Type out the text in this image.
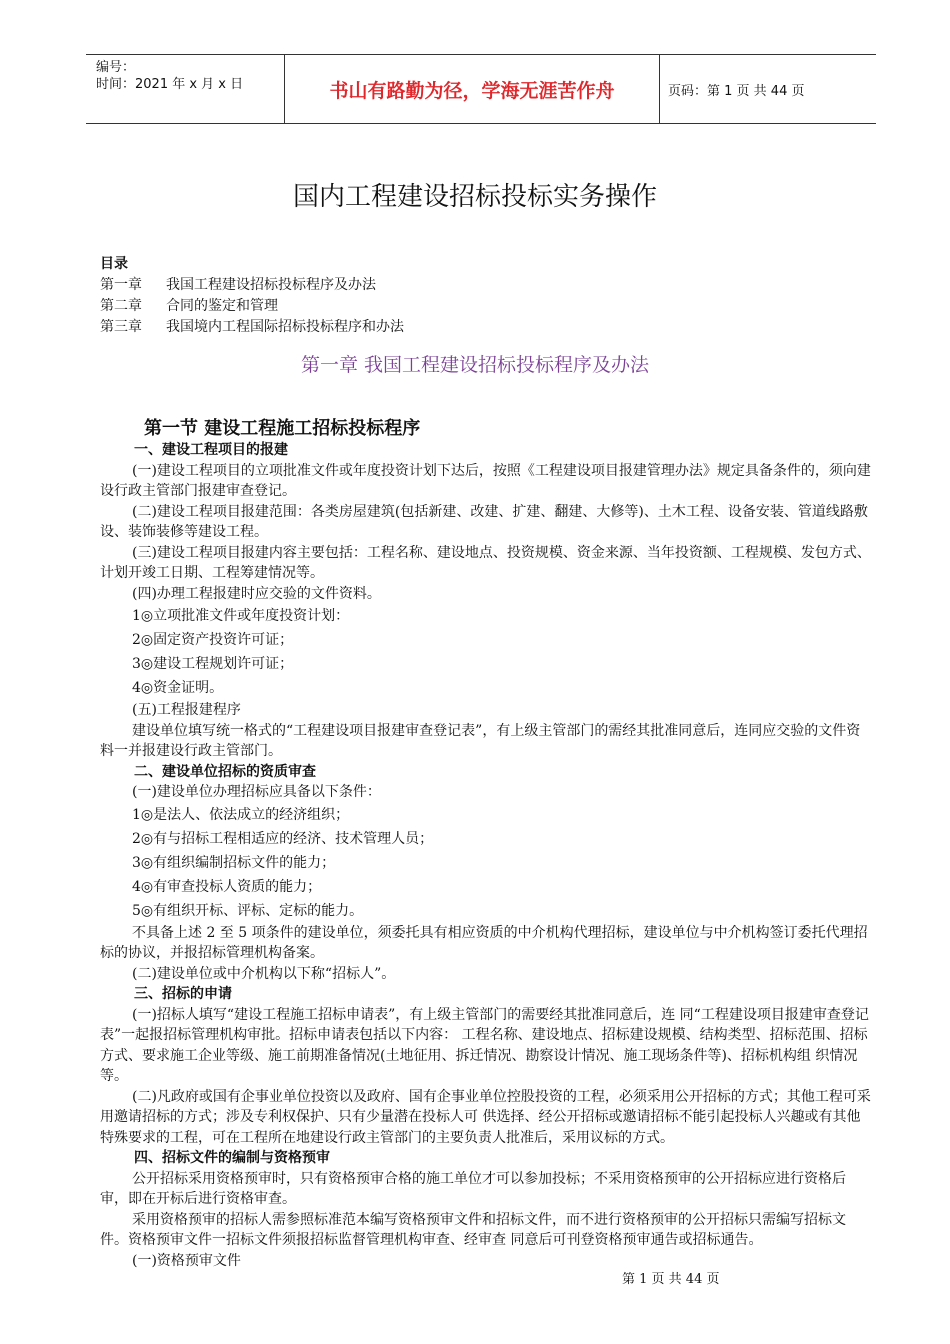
编号：
时间：2021 年 x 月 x 日	书山有路勤为径，学海无涯苦作舟	页码：第 1 页 共 44 页
国内工程建设招标投标实务操作
目录
第一章 我国工程建设招标投标程序及办法
第二章 合同的鉴定和管理
第三章 我国境内工程国际招标投标程序和办法
第一章 我国工程建设招标投标程序及办法
第一节 建设工程施工招标投标程序

一、建设工程项目的报建

(一)建设工程项目的立项批准文件或年度投资计划下达后，按照《工程建设项目报建管理办法》规定具备条件的，须向建设行政主管部门报建审查登记。

(二)建设工程项目报建范围：各类房屋建筑(包括新建、改建、扩建、翻建、大修等)、土木工程、设备安装、管道线路敷设、装饰装修等建设工程。

(三)建设工程项目报建内容主要包括：工程名称、建设地点、投资规模、资金来源、当年投资额、工程规模、发包方式、计划开竣工日期、工程筹建情况等。

(四)办理工程报建时应交验的文件资料。

1◎立项批准文件或年度投资计划：

2◎固定资产投资许可证；

3◎建设工程规划许可证；

4◎资金证明。

(五)工程报建程序

建设单位填写统一格式的“工程建设项目报建审查登记表”，有上级主管部门的需经其批准同意后，连同应交验的文件资料一并报建设行政主管部门。

二、建设单位招标的资质审查

(一)建设单位办理招标应具备以下条件：

1◎是法人、依法成立的经济组织；

2◎有与招标工程相适应的经济、技术管理人员；

3◎有组织编制招标文件的能力；

4◎有审查投标人资质的能力；

5◎有组织开标、评标、定标的能力。

不具备上述 2 至 5 项条件的建设单位，须委托具有相应资质的中介机构代理招标，建设单位与中介机构签订委托代理招标的协议，并报招标管理机构备案。

(二)建设单位或中介机构以下称“招标人”。

三、招标的申请

(一)招标人填写“建设工程施工招标申请表”，有上级主管部门的需要经其批准同意后，连 同“工程建设项目报建审查登记表”一起报招标管理机构审批。招标申请表包括以下内容： 工程名称、建设地点、招标建设规模、结构类型、招标范围、招标方式、要求施工企业等级、施工前期准备情况(土地征用、拆迁情况、勘察设计情况、施工现场条件等)、招标机构组 织情况等。

(二)凡政府或国有企事业单位投资以及政府、国有企事业单位控股投资的工程，必须采用公开招标的方式；其他工程可采用邀请招标的方式；涉及专利权保护、只有少量潜在投标人可 供选择、经公开招标或邀请招标不能引起投标人兴趣或有其他特殊要求的工程，可在工程所在地建设行政主管部门的主要负责人批准后，采用议标的方式。

四、招标文件的编制与资格预审

公开招标采用资格预审时，只有资格预审合格的施工单位才可以参加投标；不采用资格预审的公开招标应进行资格后审，即在开标后进行资格审查。

采用资格预审的招标人需参照标准范本编写资格预审文件和招标文件，而不进行资格预审的公开招标只需编写招标文件。资格预审文件一招标文件须报招标监督管理机构审查、经审查 同意后可刊登资格预审通告或招标通告。

(一)资格预审文件

第 1 页 共 44 页
